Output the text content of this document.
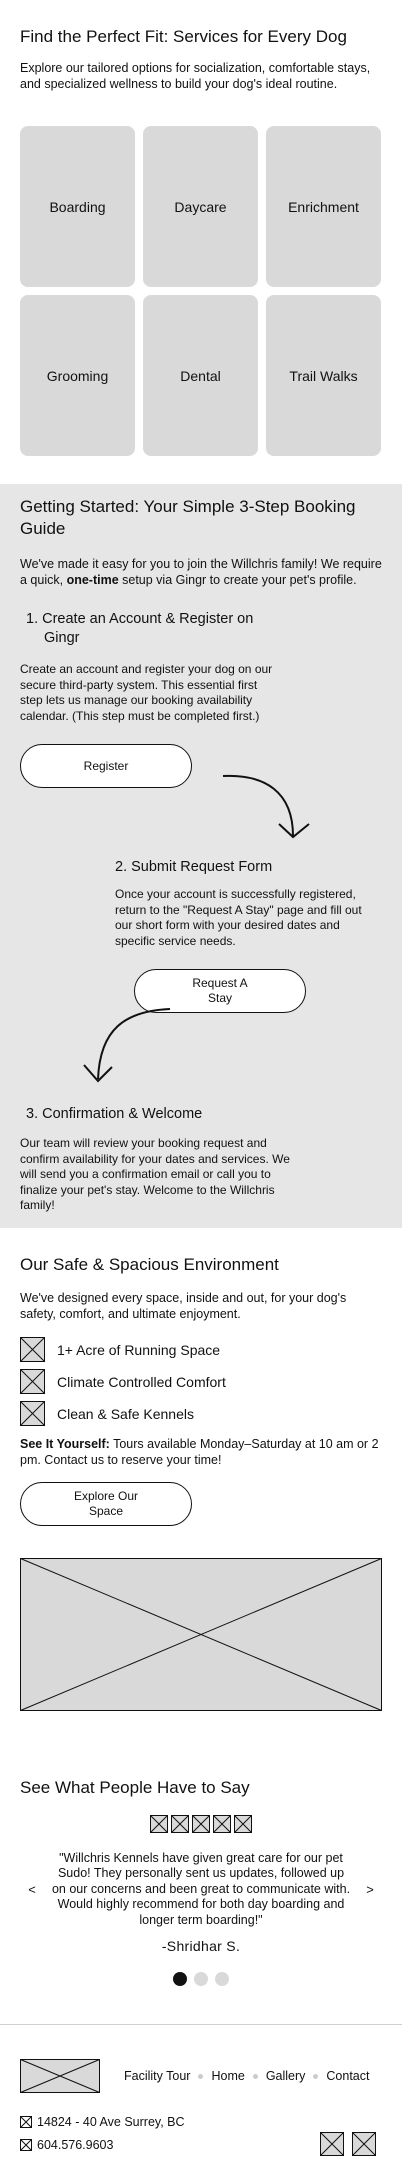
Find the Perfect Fit: Services for Every Dog

Explore our tailored options for socialization, comfortable stays, and specialized wellness to build your dog's ideal routine.

Boarding	Daycare	Enrichment
Grooming	Dental	Trail Walks
Getting Started: Your Simple 3-Step Booking Guide

We've made it easy for you to join the Willchris family! We require a quick, one-time setup via Gingr to create your pet's profile.

1. Create an Account & Register on Gingr

Create an account and register your dog on our secure third-party system. This essential first step lets us manage our booking availability calendar. (This step must be completed first.)

Register
2. Submit Request Form

Once your account is successfully registered, return to the "Request A Stay" page and fill out our short form with your desired dates and specific service needs.

Request A
Stay
3. Confirmation & Welcome

Our team will review your booking request and confirm availability for your dates and services. We will send you a confirmation email or call you to finalize your pet's stay. Welcome to the Willchris family!

Our Safe & Spacious Environment

We've designed every space, inside and out, for your dog's safety, comfort, and ultimate enjoyment.

1+ Acre of Running Space
Climate Controlled Comfort
Clean & Safe Kennels

See It Yourself: Tours available Monday–Saturday at 10 am or 2 pm. Contact us to reserve your time!

Explore Our
Space
See What People Have to Say
<

"Willchris Kennels have given great care for our pet Sudo! They personally sent us updates, followed up on our concerns and been great to communicate with. Would highly recommend for both day boarding and longer term boarding!"

>
-Shridhar S.
Facility Tour Home Gallery Contact
14824 - 40 Ave Surrey, BC
604.576.9603
